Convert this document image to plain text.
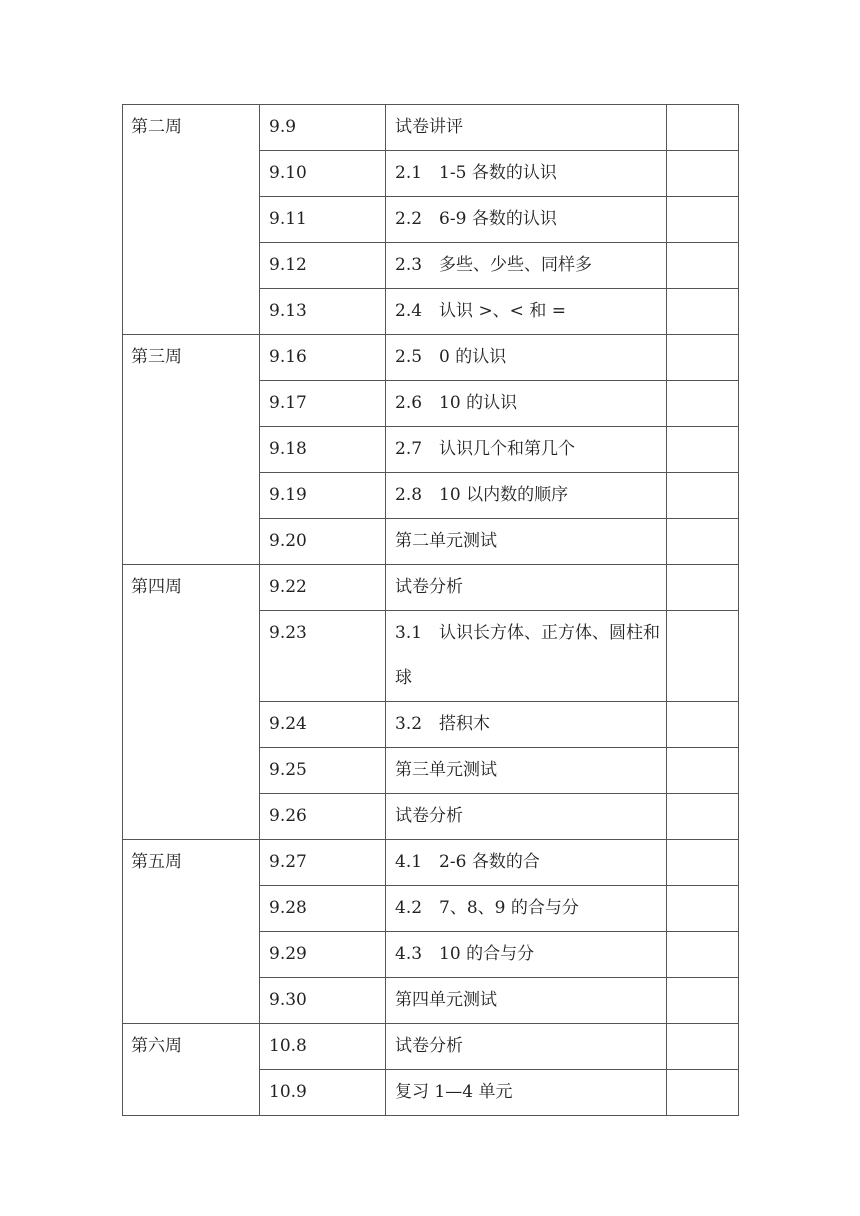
第二周	9.9	试卷讲评	
	9.10	2.1　1-5 各数的认识	
	9.11	2.2　6-9 各数的认识	
	9.12	2.3　多些、少些、同样多	
	9.13	2.4　认识 >、< 和 =	
第三周	9.16	2.5　0 的认识	
	9.17	2.6　10 的认识	
	9.18	2.7　认识几个和第几个	
	9.19	2.8　10 以内数的顺序	
	9.20	第二单元测试	
第四周	9.22	试卷分析	
	9.23	3.1　认识长方体、正方体、圆柱和球	
	9.24	3.2　搭积木	
	9.25	第三单元测试	
	9.26	试卷分析	
第五周	9.27	4.1　2-6 各数的合	
	9.28	4.2　7、8、9 的合与分	
	9.29	4.3　10 的合与分	
	9.30	第四单元测试	
第六周	10.8	试卷分析	
	10.9	复习 1—4 单元	
